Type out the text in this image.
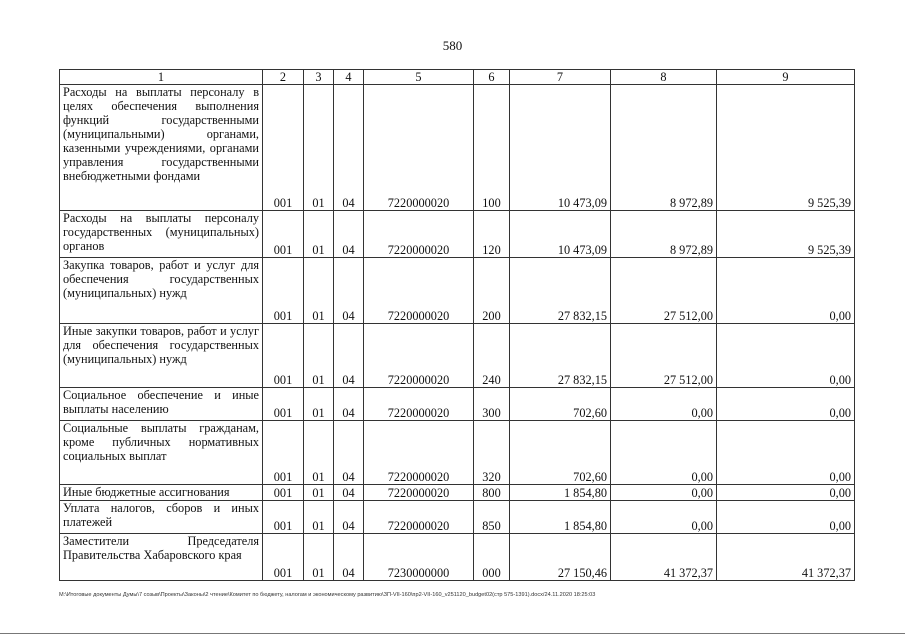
580
1	2	3	4	5	6	7	8	9
Расходы на выплаты персоналу в целях обеспечения выполнения функций государственными (муниципальными) органами, казенными учреждениями, органами управления государственными внебюджетными фондами	001	01	04	7220000020	100	10 473,09	8 972,89	9 525,39
Расходы на выплаты персоналу государственных (муниципальных) органов	001	01	04	7220000020	120	10 473,09	8 972,89	9 525,39
Закупка товаров, работ и услуг для обеспечения государственных (муниципальных) нужд	001	01	04	7220000020	200	27 832,15	27 512,00	0,00
Иные закупки товаров, работ и услуг для обеспечения государственных (муниципальных) нужд	001	01	04	7220000020	240	27 832,15	27 512,00	0,00
Социальное обеспечение и иные выплаты населению	001	01	04	7220000020	300	702,60	0,00	0,00
Социальные выплаты гражданам, кроме публичных нормативных социальных выплат	001	01	04	7220000020	320	702,60	0,00	0,00
Иные бюджетные ассигнования	001	01	04	7220000020	800	1 854,80	0,00	0,00
Уплата налогов, сборов и иных платежей	001	01	04	7220000020	850	1 854,80	0,00	0,00
Заместители Председателя Правительства Хабаровского края	001	01	04	7230000000	000	27 150,46	41 372,37	41 372,37
М:\Итоговые документы Думы\7 созыв\Проекты\Законы\2 чтение\Комитет по бюджету, налогам и экономическому развитию\ЗП-VII-160\пр2-VII-160_v251120_budget02(стр 575-1391).docx/24.11.2020 18:25:03
